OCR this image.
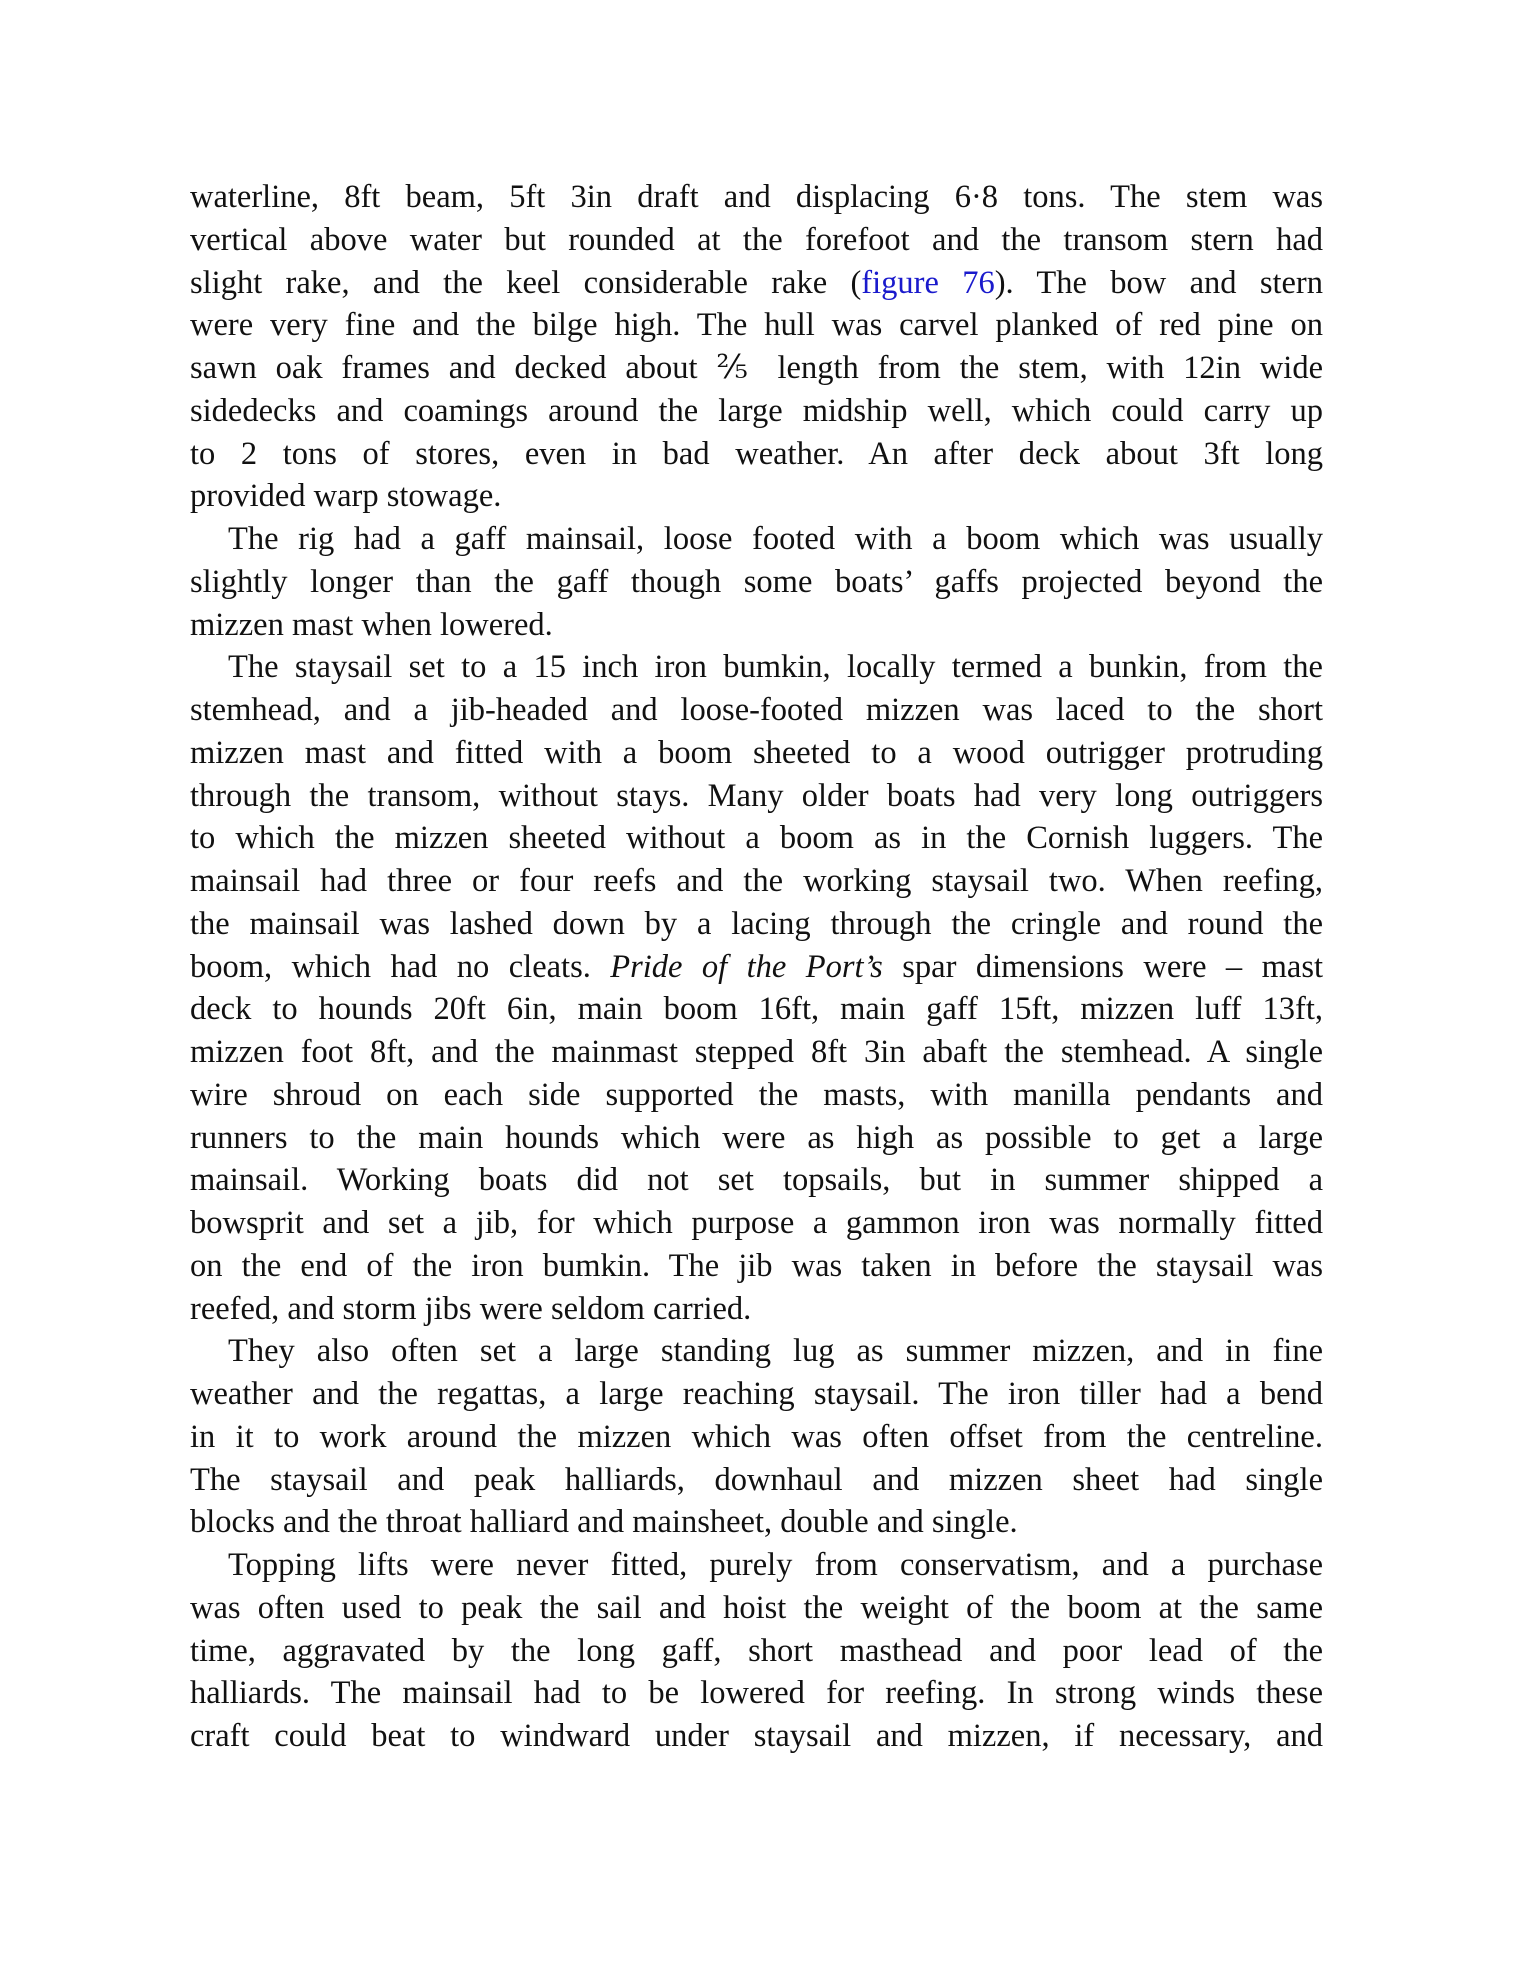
waterline, 8ft beam, 5ft 3in draft and displacing 6·8 tons. The stem was
vertical above water but rounded at the forefoot and the transom stern had
slight rake, and the keel considerable rake (figure 76). The bow and stern
were very fine and the bilge high. The hull was carvel planked of red pine on
sawn oak frames and decked about ⅖ length from the stem, with 12in wide
sidedecks and coamings around the large midship well, which could carry up
to 2 tons of stores, even in bad weather. An after deck about 3ft long
provided warp stowage.
The rig had a gaff mainsail, loose footed with a boom which was usually
slightly longer than the gaff though some boats’ gaffs projected beyond the
mizzen mast when lowered.
The staysail set to a 15 inch iron bumkin, locally termed a bunkin, from the
stemhead, and a jib-headed and loose-footed mizzen was laced to the short
mizzen mast and fitted with a boom sheeted to a wood outrigger protruding
through the transom, without stays. Many older boats had very long outriggers
to which the mizzen sheeted without a boom as in the Cornish luggers. The
mainsail had three or four reefs and the working staysail two. When reefing,
the mainsail was lashed down by a lacing through the cringle and round the
boom, which had no cleats. Pride of the Port’s spar dimensions were – mast
deck to hounds 20ft 6in, main boom 16ft, main gaff 15ft, mizzen luff 13ft,
mizzen foot 8ft, and the mainmast stepped 8ft 3in abaft the stemhead. A single
wire shroud on each side supported the masts, with manilla pendants and
runners to the main hounds which were as high as possible to get a large
mainsail. Working boats did not set topsails, but in summer shipped a
bowsprit and set a jib, for which purpose a gammon iron was normally fitted
on the end of the iron bumkin. The jib was taken in before the staysail was
reefed, and storm jibs were seldom carried.
They also often set a large standing lug as summer mizzen, and in fine
weather and the regattas, a large reaching staysail. The iron tiller had a bend
in it to work around the mizzen which was often offset from the centreline.
The staysail and peak halliards, downhaul and mizzen sheet had single
blocks and the throat halliard and mainsheet, double and single.
Topping lifts were never fitted, purely from conservatism, and a purchase
was often used to peak the sail and hoist the weight of the boom at the same
time, aggravated by the long gaff, short masthead and poor lead of the
halliards. The mainsail had to be lowered for reefing. In strong winds these
craft could beat to windward under staysail and mizzen, if necessary, and
